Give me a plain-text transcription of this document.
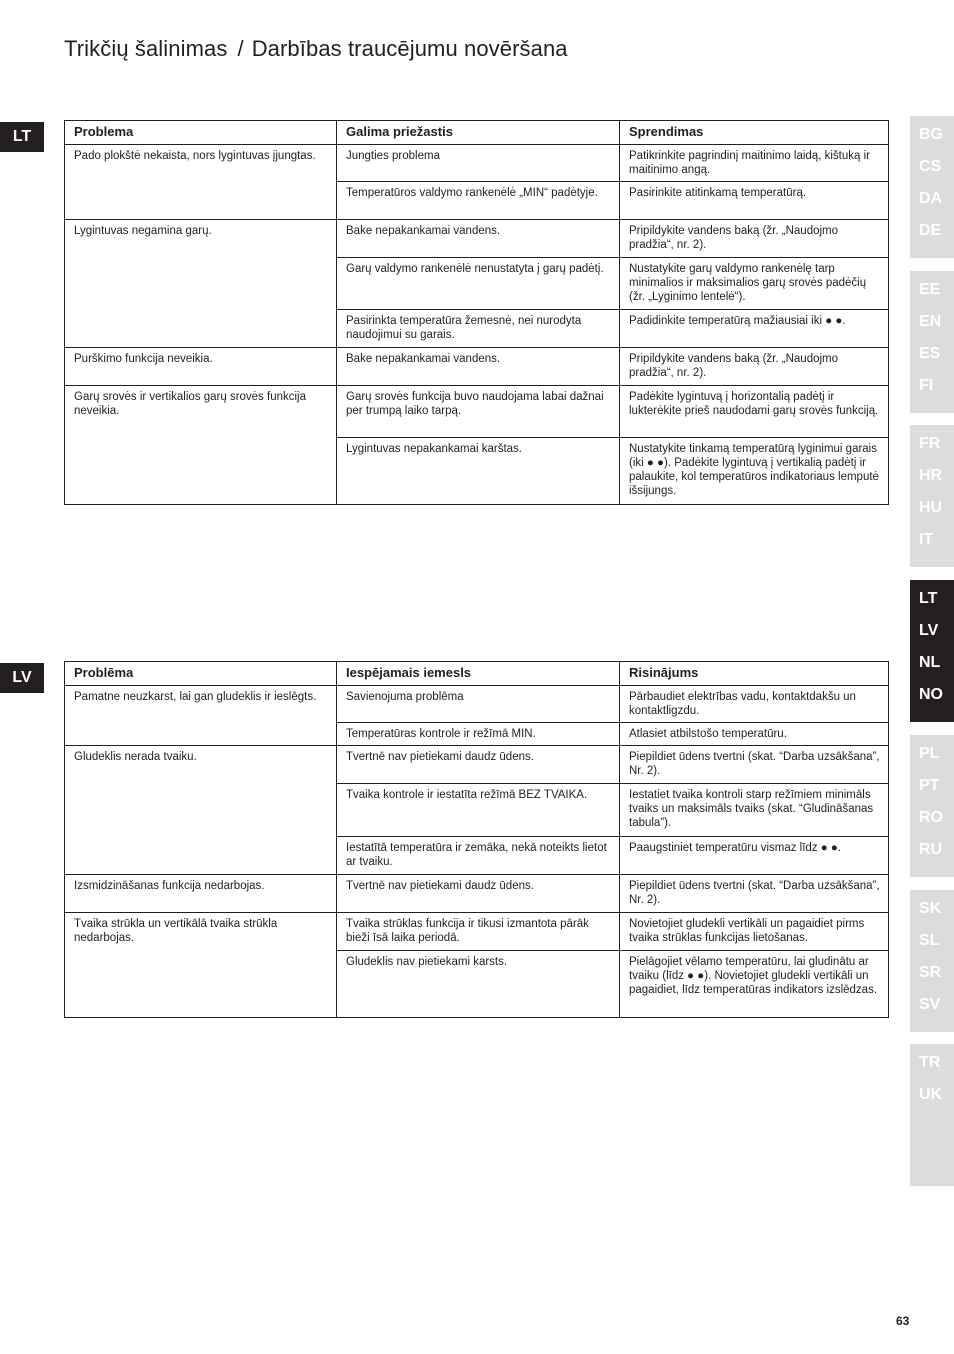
Trikčių šalinimas / Darbības traucējumu novēršana
LT
LV
Problema	Galima priežastis	Sprendimas
Pado plokštė nekaista, nors lygintuvas įjungtas.	Jungties problema	Patikrinkite pagrindinį maitinimo laidą, kištuką ir maitinimo angą.
	Temperatūros valdymo rankenėlė „MIN“ padėtyje.	Pasirinkite atitinkamą temperatūrą.
Lygintuvas negamina garų.	Bake nepakankamai vandens.	Pripildykite vandens baką (žr. „Naudojmo pradžia“, nr. 2).
	Garų valdymo rankenėlė nenustatyta į garų padėtį.	Nustatykite garų valdymo rankenėlę tarp minimalios ir maksimalios garų srovės padėčių (žr. „Lyginimo lentelė“).
	Pasirinkta temperatūra žemesnė, nei nurodyta naudojimui su garais.	Padidinkite temperatūrą mažiausiai iki ● ●.
Purškimo funkcija neveikia.	Bake nepakankamai vandens.	Pripildykite vandens baką (žr. „Naudojmo pradžia“, nr. 2).
Garų srovės ir vertikalios garų srovės funkcija neveikia.	Garų srovės funkcija buvo naudojama labai dažnai per trumpą laiko tarpą.	Padėkite lygintuvą į horizontalią padėtį ir lukterėkite prieš naudodami garų srovės funkciją.
	Lygintuvas nepakankamai karštas.	Nustatykite tinkamą temperatūrą lyginimui garais (iki ● ●). Padėkite lygintuvą į vertikalią padėtį ir palaukite, kol temperatūros indikatoriaus lemputė išsijungs.
Problēma	Iespējamais iemesls	Risinājums
Pamatne neuzkarst, lai gan gludeklis ir ieslēgts.	Savienojuma problēma	Pārbaudiet elektrības vadu, kontaktdakšu un kontaktligzdu.
	Temperatūras kontrole ir režīmā MIN.	Atlasiet atbilstošo temperatūru.
Gludeklis nerada tvaiku.	Tvertnē nav pietiekami daudz ūdens.	Piepildiet ūdens tvertni (skat. “Darba uzsākšana”, Nr. 2).
	Tvaika kontrole ir iestatīta režīmā BEZ TVAIKA.	Iestatiet tvaika kontroli starp režīmiem minimāls tvaiks un maksimāls tvaiks (skat. “Gludināšanas tabula”).
	Iestatītā temperatūra ir zemāka, nekā noteikts lietot ar tvaiku.	Paaugstiniet temperatūru vismaz līdz ● ●.
Izsmidzināšanas funkcija nedarbojas.	Tvertnē nav pietiekami daudz ūdens.	Piepildiet ūdens tvertni (skat. “Darba uzsākšana”, Nr. 2).
Tvaika strūkla un vertikālā tvaika strūkla nedarbojas.	Tvaika strūklas funkcija ir tikusi izmantota pārāk bieži īsā laika periodā.	Novietojiet gludekli vertikāli un pagaidiet pirms tvaika strūklas funkcijas lietošanas.
	Gludeklis nav pietiekami karsts.	Pielāgojiet vēlamo temperatūru, lai gludinātu ar tvaiku (līdz ● ●). Novietojiet gludekli vertikāli un pagaidiet, līdz temperatūras indikators izslēdzas.
BG
CS
DA
DE
EE
EN
ES
FI
FR
HR
HU
IT
LT
LV
NL
NO
PL
PT
RO
RU
SK
SL
SR
SV
TR
UK
63
